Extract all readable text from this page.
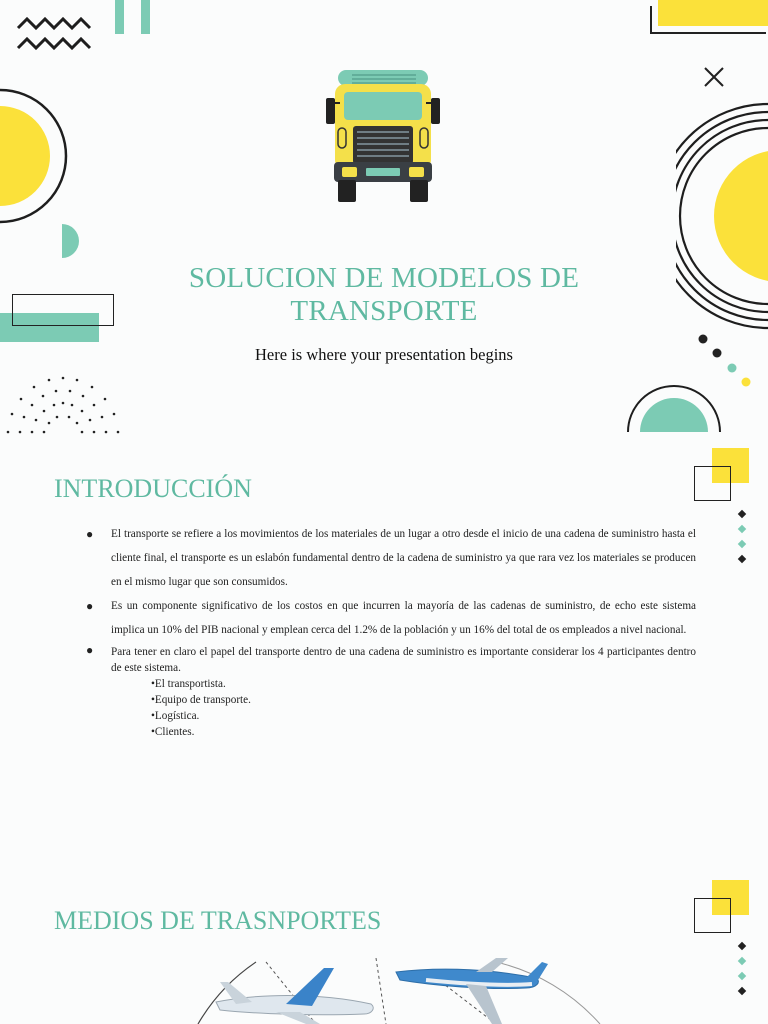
SOLUCION DE MODELOS DE
TRANSPORTE
Here is where your presentation begins
INTRODUCCIÓN
● El transporte se refiere a los movimientos de los materiales de un lugar a otro desde el inicio de una cadena de suministro hasta el cliente final, el transporte es un eslabón fundamental dentro de la cadena de suministro ya que rara vez los materiales se producen en el mismo lugar que son consumidos.
● Es un componente significativo de los costos en que incurren la mayoría de las cadenas de suministro, de echo este sistema implica un 10% del PIB nacional y emplean cerca del 1.2% de la población y un 16% del total de os empleados a nivel nacional.
● Para tener en claro el papel del transporte dentro de una cadena de suministro es importante considerar los 4 participantes dentro de este sistema.
•El transportista.
•Equipo de transporte.
•Logística.
•Clientes.
MEDIOS DE TRASNPORTES
